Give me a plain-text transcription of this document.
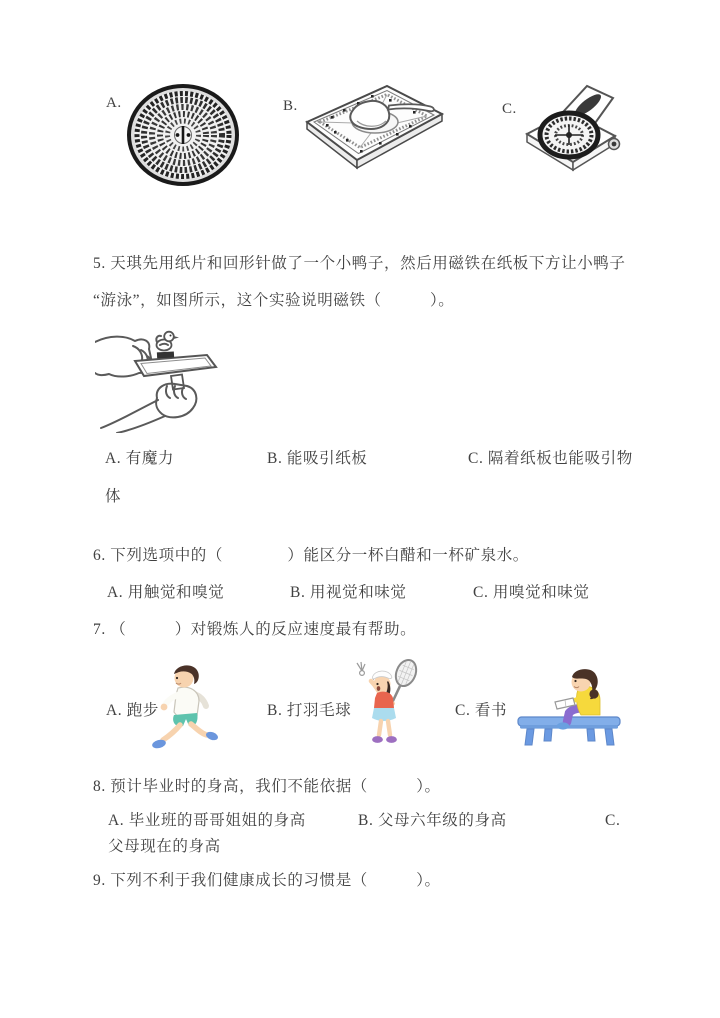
A.	B.	C.
5. 天琪先用纸片和回形针做了一个小鸭子，然后用磁铁在纸板下方让小鸭子
“游泳”，如图所示，这个实验说明磁铁（　　　）。
A. 有魔力	B. 能吸引纸板	C. 隔着纸板也能吸引物
体
6. 下列选项中的（　　　　）能区分一杯白醋和一杯矿泉水。
A. 用触觉和嗅觉	B. 用视觉和味觉	C. 用嗅觉和味觉
7. （　　　）对锻炼人的反应速度最有帮助。
A. 跑步	B. 打羽毛球	C. 看书
8. 预计毕业时的身高，我们不能依据（　　　）。
A. 毕业班的哥哥姐姐的身高	B. 父母六年级的身高	C.
父母现在的身高
9. 下列不利于我们健康成长的习惯是（　　　）。
